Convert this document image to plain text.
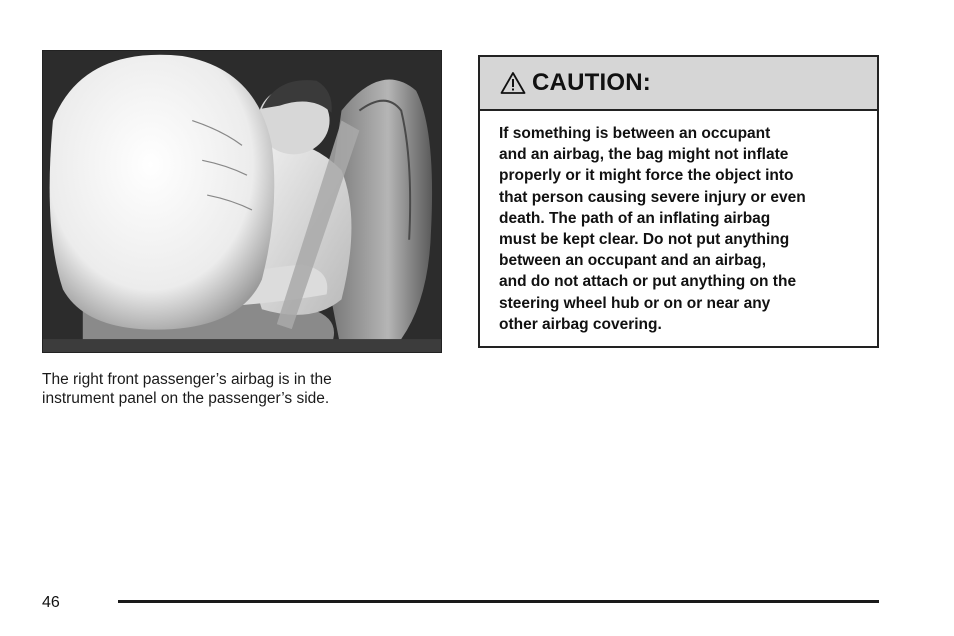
The right front passenger’s airbag is in the
instrument panel on the passenger’s side.
CAUTION:
If something is between an occupant
and an airbag, the bag might not inflate
properly or it might force the object into
that person causing severe injury or even
death. The path of an inflating airbag
must be kept clear. Do not put anything
between an occupant and an airbag,
and do not attach or put anything on the
steering wheel hub or on or near any
other airbag covering.
46
